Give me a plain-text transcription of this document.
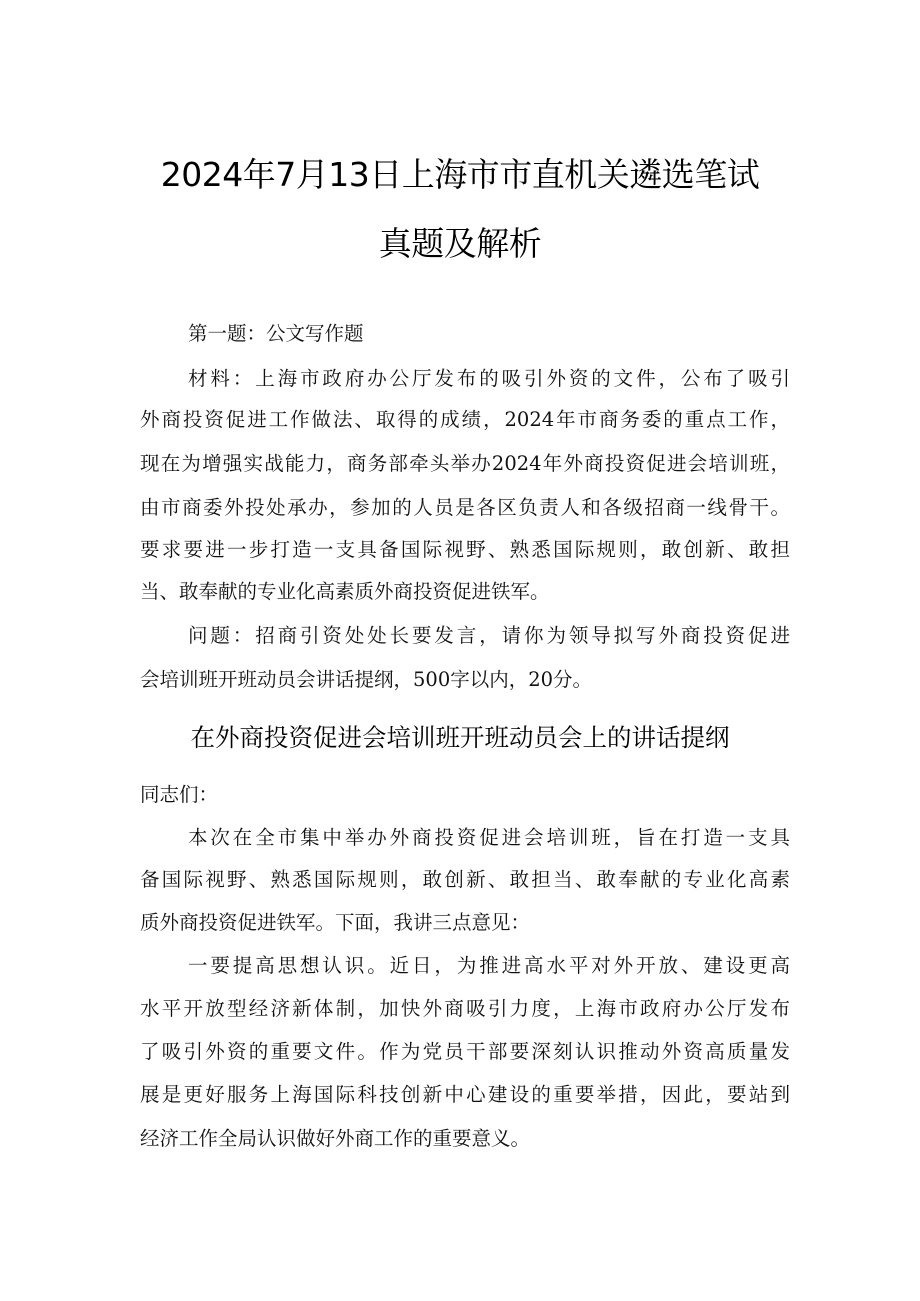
2024年7月13日上海市市直机关遴选笔试
真题及解析
第一题：公文写作题
材料：上海市政府办公厅发布的吸引外资的文件，公布了吸引
外商投资促进工作做法、取得的成绩，2024年市商务委的重点工作，
现在为增强实战能力，商务部牵头举办2024年外商投资促进会培训班，
由市商委外投处承办，参加的人员是各区负责人和各级招商一线骨干。
要求要进一步打造一支具备国际视野、熟悉国际规则，敢创新、敢担
当、敢奉献的专业化高素质外商投资促进铁军。
问题：招商引资处处长要发言，请你为领导拟写外商投资促进
会培训班开班动员会讲话提纲，500字以内，20分。
在外商投资促进会培训班开班动员会上的讲话提纲
同志们：
本次在全市集中举办外商投资促进会培训班，旨在打造一支具
备国际视野、熟悉国际规则，敢创新、敢担当、敢奉献的专业化高素
质外商投资促进铁军。下面，我讲三点意见：
一要提高思想认识。近日，为推进高水平对外开放、建设更高
水平开放型经济新体制，加快外商吸引力度，上海市政府办公厅发布
了吸引外资的重要文件。作为党员干部要深刻认识推动外资高质量发
展是更好服务上海国际科技创新中心建设的重要举措，因此，要站到
经济工作全局认识做好外商工作的重要意义。
